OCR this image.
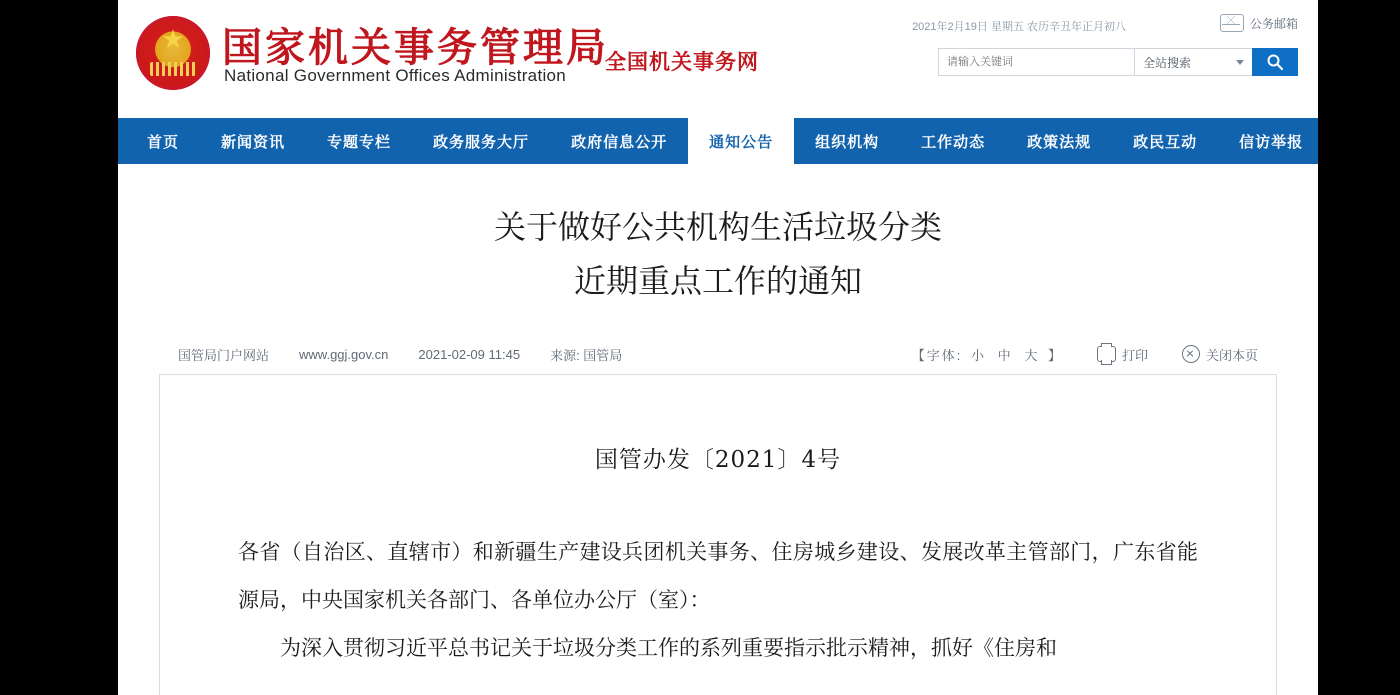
★
国家机关事务管理局
National Government Offices Administration
全国机关事务网
2021年2月19日 星期五 农历辛丑年正月初八	公务邮箱
请输入关键词
全站搜索
首页	新闻资讯	专题专栏	政务服务大厅	政府信息公开	通知公告	组织机构	工作动态	政策法规	政民互动	信访举报
关于做好公共机构生活垃圾分类
近期重点工作的通知
国管局门户网站 www.ggj.gov.cn 2021-02-09 11:45 来源: 国管局	【字体: 小 中 大 】	打印	关闭本页
国管办发〔2021〕4号
各省（自治区、直辖市）和新疆生产建设兵团机关事务、住房城乡建设、发展改革主管部门，广东省能源局，中央国家机关各部门、各单位办公厅（室）：
为深入贯彻习近平总书记关于垃圾分类工作的系列重要指示批示精神，抓好《住房和
